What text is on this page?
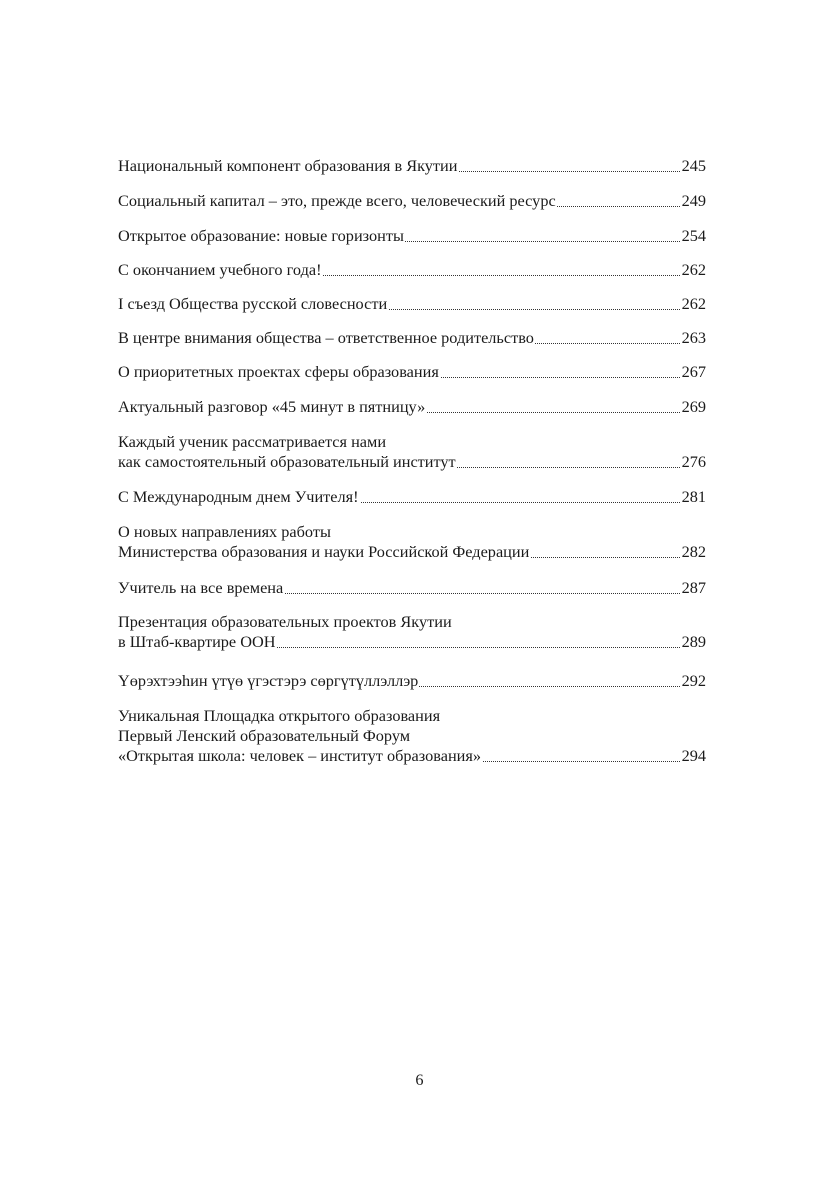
Национальный компонент образования в Якутии	245
Социальный капитал – это, прежде всего, человеческий ресурс	249
Открытое образование: новые горизонты	254
С окончанием учебного года!	262
I съезд Общества русской словесности	262
В центре внимания общества – ответственное родительство	263
О приоритетных проектах сферы образования	267
Актуальный разговор «45 минут в пятницу»	269
Каждый ученик рассматривается нами
как самостоятельный образовательный институт	276
С Международным днем Учителя!	281
О новых направлениях работы
Министерства образования и науки Российской Федерации	282
Учитель на все времена	287
Презентация образовательных проектов Якутии
в Штаб-квартире ООН	289
Үөрэхтээһин үтүө үгэстэрэ сөргүтүллэллэр	292
Уникальная Площадка открытого образования
Первый Ленский образовательный Форум
«Открытая школа: человек – институт образования»	294
6
